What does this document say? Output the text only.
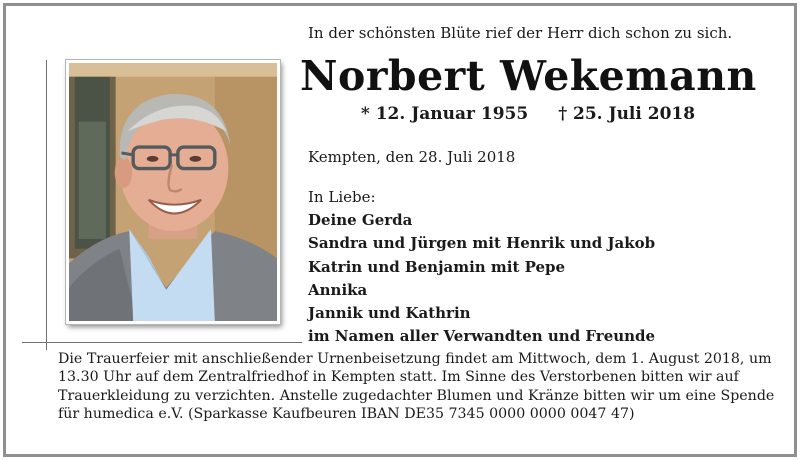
In der schönsten Blüte rief der Herr dich schon zu sich.
Norbert Wekemann
* 12. Januar 1955 † 25. Juli 2018
Kempten, den 28. Juli 2018
In Liebe:
Deine Gerda
Sandra und Jürgen mit Henrik und Jakob
Katrin und Benjamin mit Pepe
Annika
Jannik und Kathrin
im Namen aller Verwandten und Freunde

Die Trauerfeier mit anschließender Urnenbeisetzung findet am Mittwoch, dem 1. August 2018, um 13.30 Uhr auf dem Zentralfriedhof in Kempten statt. Im Sinne des Verstorbenen bitten wir auf Trauerkleidung zu verzichten. Anstelle zugedachter Blumen und Kränze bitten wir um eine Spende für humedica e.V. (Sparkasse Kaufbeuren IBAN DE35 7345 0000 0000 0047 47)
